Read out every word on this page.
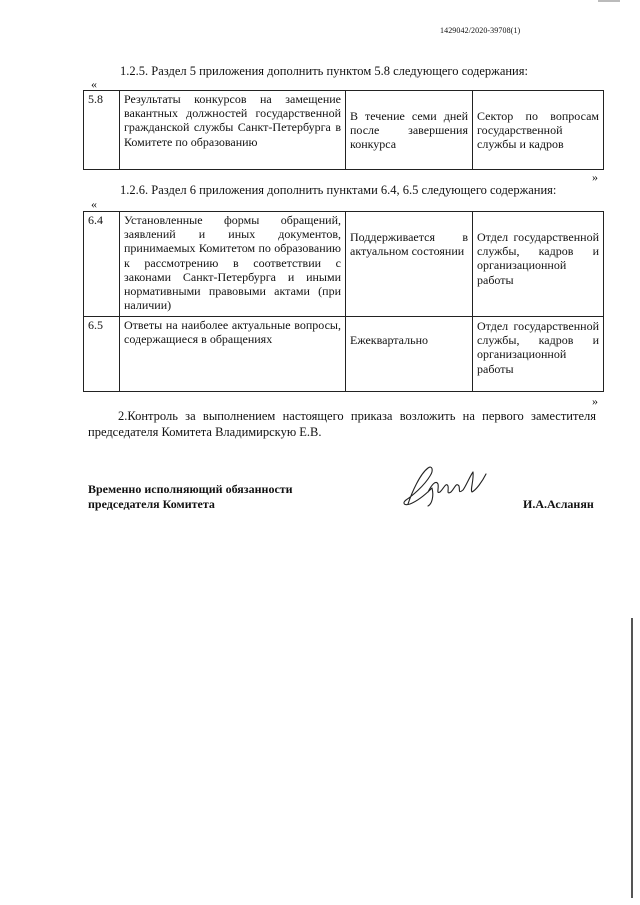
1429042/2020-39708(1)
1.2.5. Раздел 5 приложения дополнить пунктом 5.8 следующего содержания:
«
5.8	Результаты конкурсов на замещение вакантных должностей государственной гражданской службы Санкт-Петербурга в Комитете по образованию	В течение семи дней после завершения конкурса	Сектор по вопросам государственной службы и кадров
»
1.2.6. Раздел 6 приложения дополнить пунктами 6.4, 6.5 следующего содержания:
«
6.4	Установленные формы обращений, заявлений и иных документов, принимаемых Комитетом по образованию к рассмотрению в соответствии с законами Санкт-Петербурга и иными нормативными правовыми актами (при наличии)	Поддерживается в актуальном состоянии	Отдел государственной службы, кадров и организационной работы
6.5	Ответы на наиболее актуальные вопросы, содержащиеся в обращениях	Ежеквартально	Отдел государственной службы, кадров и организационной работы
»
2.Контроль за выполнением настоящего приказа возложить на первого заместителя председателя Комитета Владимирскую Е.В.
Временно исполняющий обязанности
председателя Комитета	И.А.Асланян
